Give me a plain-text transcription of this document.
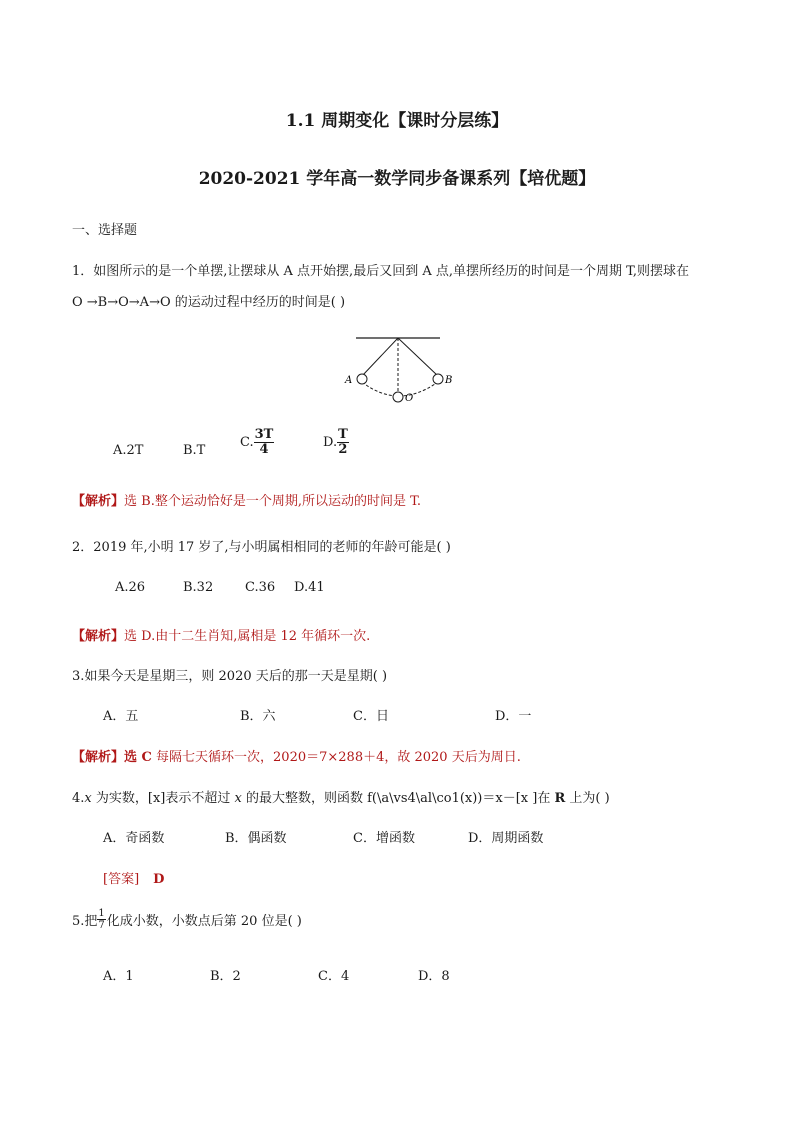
1.1 周期变化【课时分层练】
2020-2021 学年高一数学同步备课系列【培优题】
一、选择题
1．如图所示的是一个单摆,让摆球从 A 点开始摆,最后又回到 A 点,单摆所经历的时间是一个周期 T,则摆球在
O →B→O→A→O 的运动过程中经历的时间是( )
A	B
O
A.2T	B.T
C. $\frac{3T}{4}$	D. $\frac{T}{2}$
【解析】选 B.整个运动恰好是一个周期,所以运动的时间是 T.
2．2019 年,小明 17 岁了,与小明属相相同的老师的年龄可能是( )
A.26	B.32 C.36 D.41
【解析】选 D.由十二生肖知,属相是 12 年循环一次.
3.如果今天是星期三，则 2020 天后的那一天是星期( )
A．五	B．六	C．日	D．一
【解析】选 C 每隔七天循环一次，2020＝7×288＋4，故 2020 天后为周日.
4.x 为实数，[x]表示不超过 x 的最大整数，则函数 f(\a\vs4\al\co1(x))＝x－[x ]在 R 上为( )
A．奇函数	B．偶函数	C．增函数	D．周期函数
[答案] D
5.把 $\frac{1}{7}$ 化成小数，小数点后第 20 位是( )
A．1	B．2	C．4	D．8
